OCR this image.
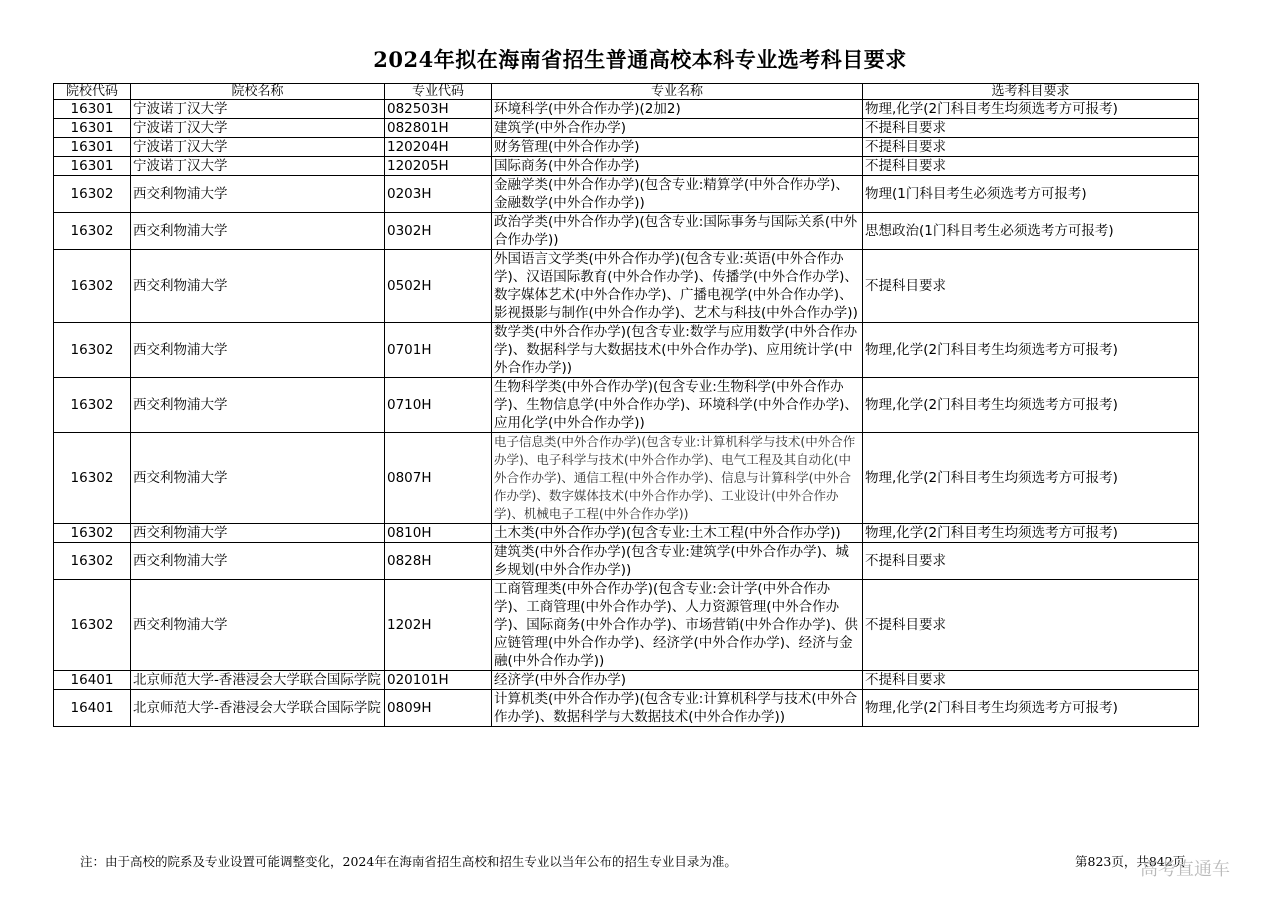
2024年拟在海南省招生普通高校本科专业选考科目要求
院校代码	院校名称	专业代码	专业名称	选考科目要求
16301	宁波诺丁汉大学	082503H	环境科学(中外合作办学)(2加2)	物理,化学(2门科目考生均须选考方可报考)
16301	宁波诺丁汉大学	082801H	建筑学(中外合作办学)	不提科目要求
16301	宁波诺丁汉大学	120204H	财务管理(中外合作办学)	不提科目要求
16301	宁波诺丁汉大学	120205H	国际商务(中外合作办学)	不提科目要求
16302	西交利物浦大学	0203H	金融学类(中外合作办学)(包含专业:精算学(中外合作办学)、金融数学(中外合作办学))	物理(1门科目考生必须选考方可报考)
16302	西交利物浦大学	0302H	政治学类(中外合作办学)(包含专业:国际事务与国际关系(中外合作办学))	思想政治(1门科目考生必须选考方可报考)
16302	西交利物浦大学	0502H	外国语言文学类(中外合作办学)(包含专业:英语(中外合作办学)、汉语国际教育(中外合作办学)、传播学(中外合作办学)、数字媒体艺术(中外合作办学)、广播电视学(中外合作办学)、影视摄影与制作(中外合作办学)、艺术与科技(中外合作办学))	不提科目要求
16302	西交利物浦大学	0701H	数学类(中外合作办学)(包含专业:数学与应用数学(中外合作办学)、数据科学与大数据技术(中外合作办学)、应用统计学(中外合作办学))	物理,化学(2门科目考生均须选考方可报考)
16302	西交利物浦大学	0710H	生物科学类(中外合作办学)(包含专业:生物科学(中外合作办学)、生物信息学(中外合作办学)、环境科学(中外合作办学)、应用化学(中外合作办学))	物理,化学(2门科目考生均须选考方可报考)
16302	西交利物浦大学	0807H	电子信息类(中外合作办学)(包含专业:计算机科学与技术(中外合作办学)、电子科学与技术(中外合作办学)、电气工程及其自动化(中外合作办学)、通信工程(中外合作办学)、信息与计算科学(中外合作办学)、数字媒体技术(中外合作办学)、工业设计(中外合作办学)、机械电子工程(中外合作办学))	物理,化学(2门科目考生均须选考方可报考)
16302	西交利物浦大学	0810H	土木类(中外合作办学)(包含专业:土木工程(中外合作办学))	物理,化学(2门科目考生均须选考方可报考)
16302	西交利物浦大学	0828H	建筑类(中外合作办学)(包含专业:建筑学(中外合作办学)、城乡规划(中外合作办学))	不提科目要求
16302	西交利物浦大学	1202H	工商管理类(中外合作办学)(包含专业:会计学(中外合作办学)、工商管理(中外合作办学)、人力资源管理(中外合作办学)、国际商务(中外合作办学)、市场营销(中外合作办学)、供应链管理(中外合作办学)、经济学(中外合作办学)、经济与金融(中外合作办学))	不提科目要求
16401	北京师范大学-香港浸会大学联合国际学院	020101H	经济学(中外合作办学)	不提科目要求
16401	北京师范大学-香港浸会大学联合国际学院	0809H	计算机类(中外合作办学)(包含专业:计算机科学与技术(中外合作办学)、数据科学与大数据技术(中外合作办学))	物理,化学(2门科目考生均须选考方可报考)
注：由于高校的院系及专业设置可能调整变化，2024年在海南省招生高校和招生专业以当年公布的招生专业目录为准。	第823页，共842页
高考直通车
